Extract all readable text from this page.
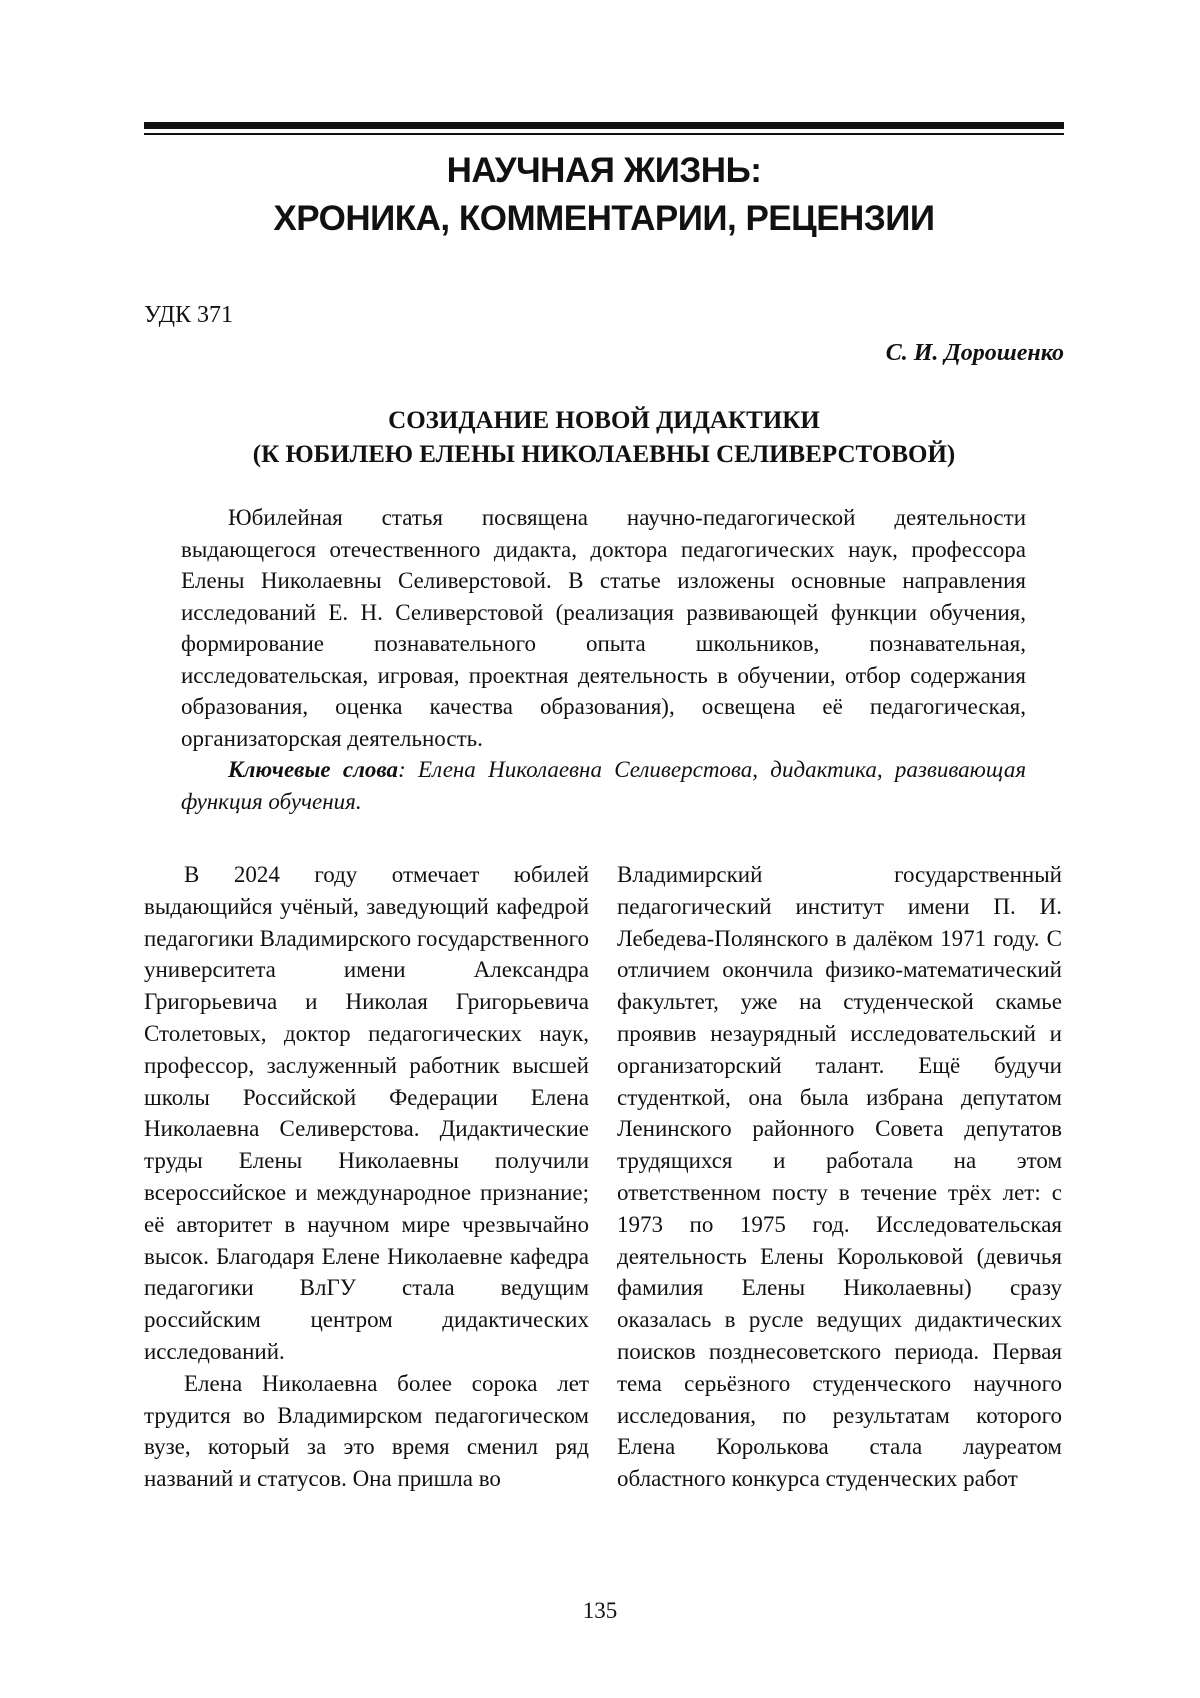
НАУЧНАЯ ЖИЗНЬ:
ХРОНИКА, КОММЕНТАРИИ, РЕЦЕНЗИИ

УДК 371

С. И. Дорошенко

СОЗИДАНИЕ НОВОЙ ДИДАКТИКИ
(К ЮБИЛЕЮ ЕЛЕНЫ НИКОЛАЕВНЫ СЕЛИВЕРСТОВОЙ)

Юбилейная статья посвящена научно-педагогической деятельности выдающегося отечественного дидакта, доктора педагогических наук, профессора Елены Николаевны Селиверстовой. В статье изложены основные направления исследований Е. Н. Селиверстовой (реализация развивающей функции обучения, формирование познавательного опыта школьников, познавательная, исследовательская, игровая, проектная деятельность в обучении, отбор содержания образования, оценка качества образования), освещена её педагогическая, организаторская деятельность.

Ключевые слова: Елена Николаевна Селиверстова, дидактика, развивающая функция обучения.

В 2024 году отмечает юбилей выдающийся учёный, заведующий кафедрой педагогики Владимирского государственного университета имени Александра Григорьевича и Николая Григорьевича Столетовых, доктор педагогических наук, профессор, заслуженный работник высшей школы Российской Федерации Елена Николаевна Селиверстова. Дидактические труды Елены Николаевны получили всероссийское и международное признание; её авторитет в научном мире чрезвычайно высок. Благодаря Елене Николаевне кафедра педагогики ВлГУ стала ведущим российским центром дидактических исследований.

Елена Николаевна более сорока лет трудится во Владимирском педагогическом вузе, который за это время сменил ряд названий и статусов. Она пришла во

Владимирский государственный педагогический институт имени П. И. Лебедева-Полянского в далёком 1971 году. С отличием окончила физико-математический факультет, уже на студенческой скамье проявив незаурядный исследовательский и организаторский талант. Ещё будучи студенткой, она была избрана депутатом Ленинского районного Совета депутатов трудящихся и работала на этом ответственном посту в течение трёх лет: с 1973 по 1975 год. Исследовательская деятельность Елены Корольковой (девичья фамилия Елены Николаевны) сразу оказалась в русле ведущих дидактических поисков позднесоветского периода. Первая тема серьёзного студенческого научного исследования, по результатам которого Елена Королькова стала лауреатом областного конкурса студенческих работ

135
